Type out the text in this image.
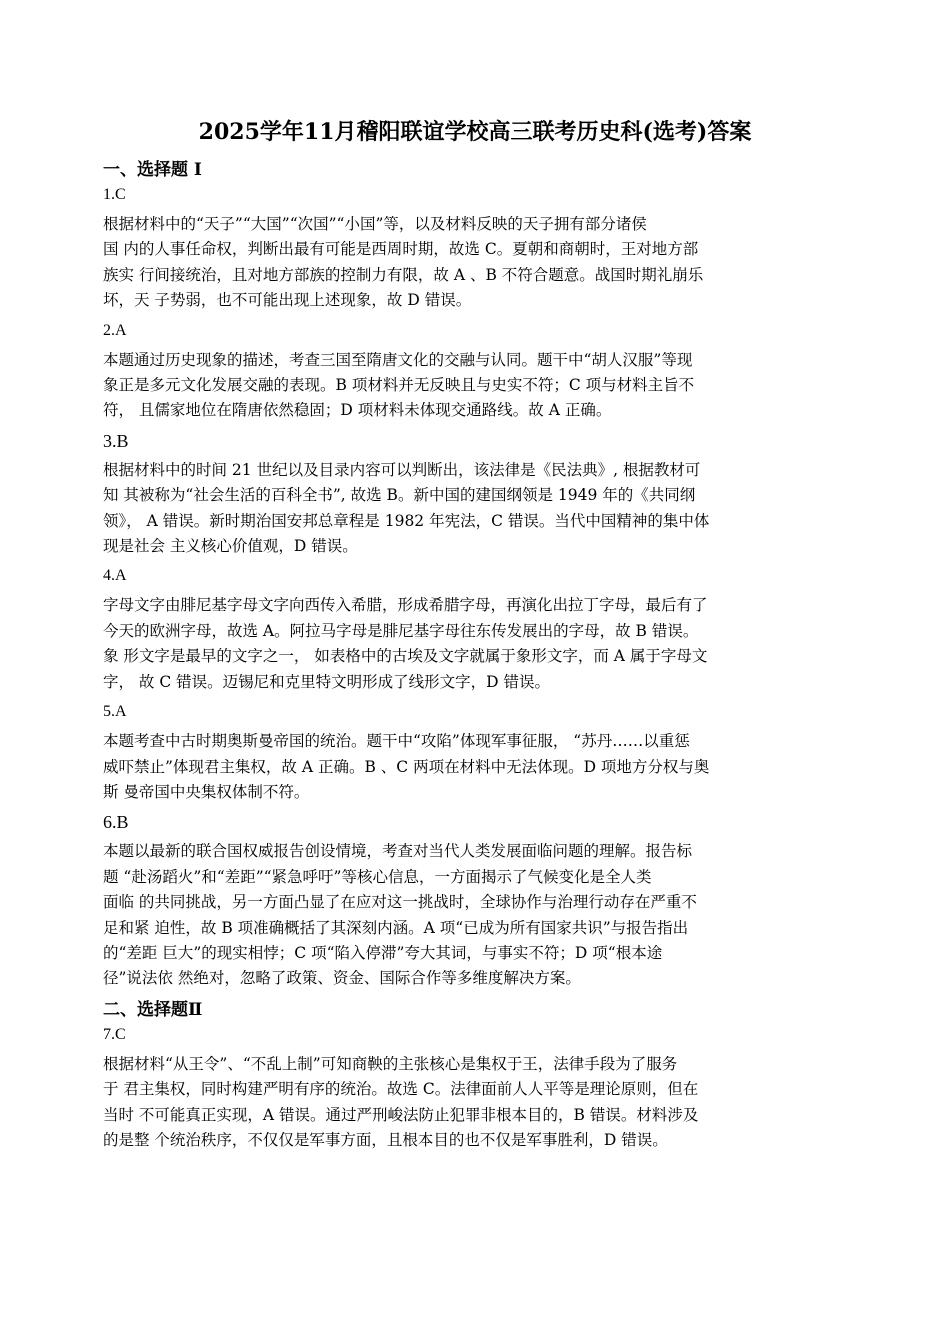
2025学年11月稽阳联谊学校高三联考历史科(选考)答案
一、选择题 I
1.C
根据材料中的“天子”“大国”“次国”“小国”等，以及材料反映的天子拥有部分诸侯
国 内的人事任命权，判断出最有可能是西周时期，故选 C。夏朝和商朝时，王对地方部
族实 行间接统治，且对地方部族的控制力有限，故 A 、B 不符合题意。战国时期礼崩乐
坏，天 子势弱，也不可能出现上述现象，故 D 错误。
2.A
本题通过历史现象的描述，考查三国至隋唐文化的交融与认同。题干中“胡人汉服”等现
象正是多元文化发展交融的表现。B 项材料并无反映且与史实不符；C 项与材料主旨不
符， 且儒家地位在隋唐依然稳固；D 项材料未体现交通路线。故 A 正确。
3.B
根据材料中的时间 21 世纪以及目录内容可以判断出，该法律是《民法典》, 根据教材可
知 其被称为“社会生活的百科全书”, 故选 B。新中国的建国纲领是 1949 年的《共同纲
领》， A 错误。新时期治国安邦总章程是 1982 年宪法，C 错误。当代中国精神的集中体
现是社会 主义核心价值观，D 错误。
4.A
字母文字由腓尼基字母文字向西传入希腊，形成希腊字母，再演化出拉丁字母，最后有了
今天的欧洲字母，故选 A。阿拉马字母是腓尼基字母往东传发展出的字母，故 B 错误。
象 形文字是最早的文字之一， 如表格中的古埃及文字就属于象形文字，而 A 属于字母文
字， 故 C 错误。迈锡尼和克里特文明形成了线形文字，D 错误。
5.A
本题考查中古时期奥斯曼帝国的统治。题干中“攻陷”体现军事征服， “苏丹……以重惩
威吓禁止”体现君主集权，故 A 正确。B 、C 两项在材料中无法体现。D 项地方分权与奥
斯 曼帝国中央集权体制不符。
6.B
本题以最新的联合国权威报告创设情境，考查对当代人类发展面临问题的理解。报告标
题 “赴汤蹈火”和“差距”“紧急呼吁”等核心信息，一方面揭示了气候变化是全人类
面临 的共同挑战，另一方面凸显了在应对这一挑战时，全球协作与治理行动存在严重不
足和紧 迫性，故 B 项准确概括了其深刻内涵。A 项“已成为所有国家共识”与报告指出
的“差距 巨大”的现实相悖；C 项“陷入停滞”夸大其词，与事实不符；D 项“根本途
径”说法依 然绝对，忽略了政策、资金、国际合作等多维度解决方案。
二、选择题Ⅱ
7.C
根据材料“从王令”、“不乱上制”可知商鞅的主张核心是集权于王，法律手段为了服务
于 君主集权，同时构建严明有序的统治。故选 C。法律面前人人平等是理论原则，但在
当时 不可能真正实现，A 错误。通过严刑峻法防止犯罪非根本目的，B 错误。材料涉及
的是整 个统治秩序，不仅仅是军事方面，且根本目的也不仅是军事胜利，D 错误。
